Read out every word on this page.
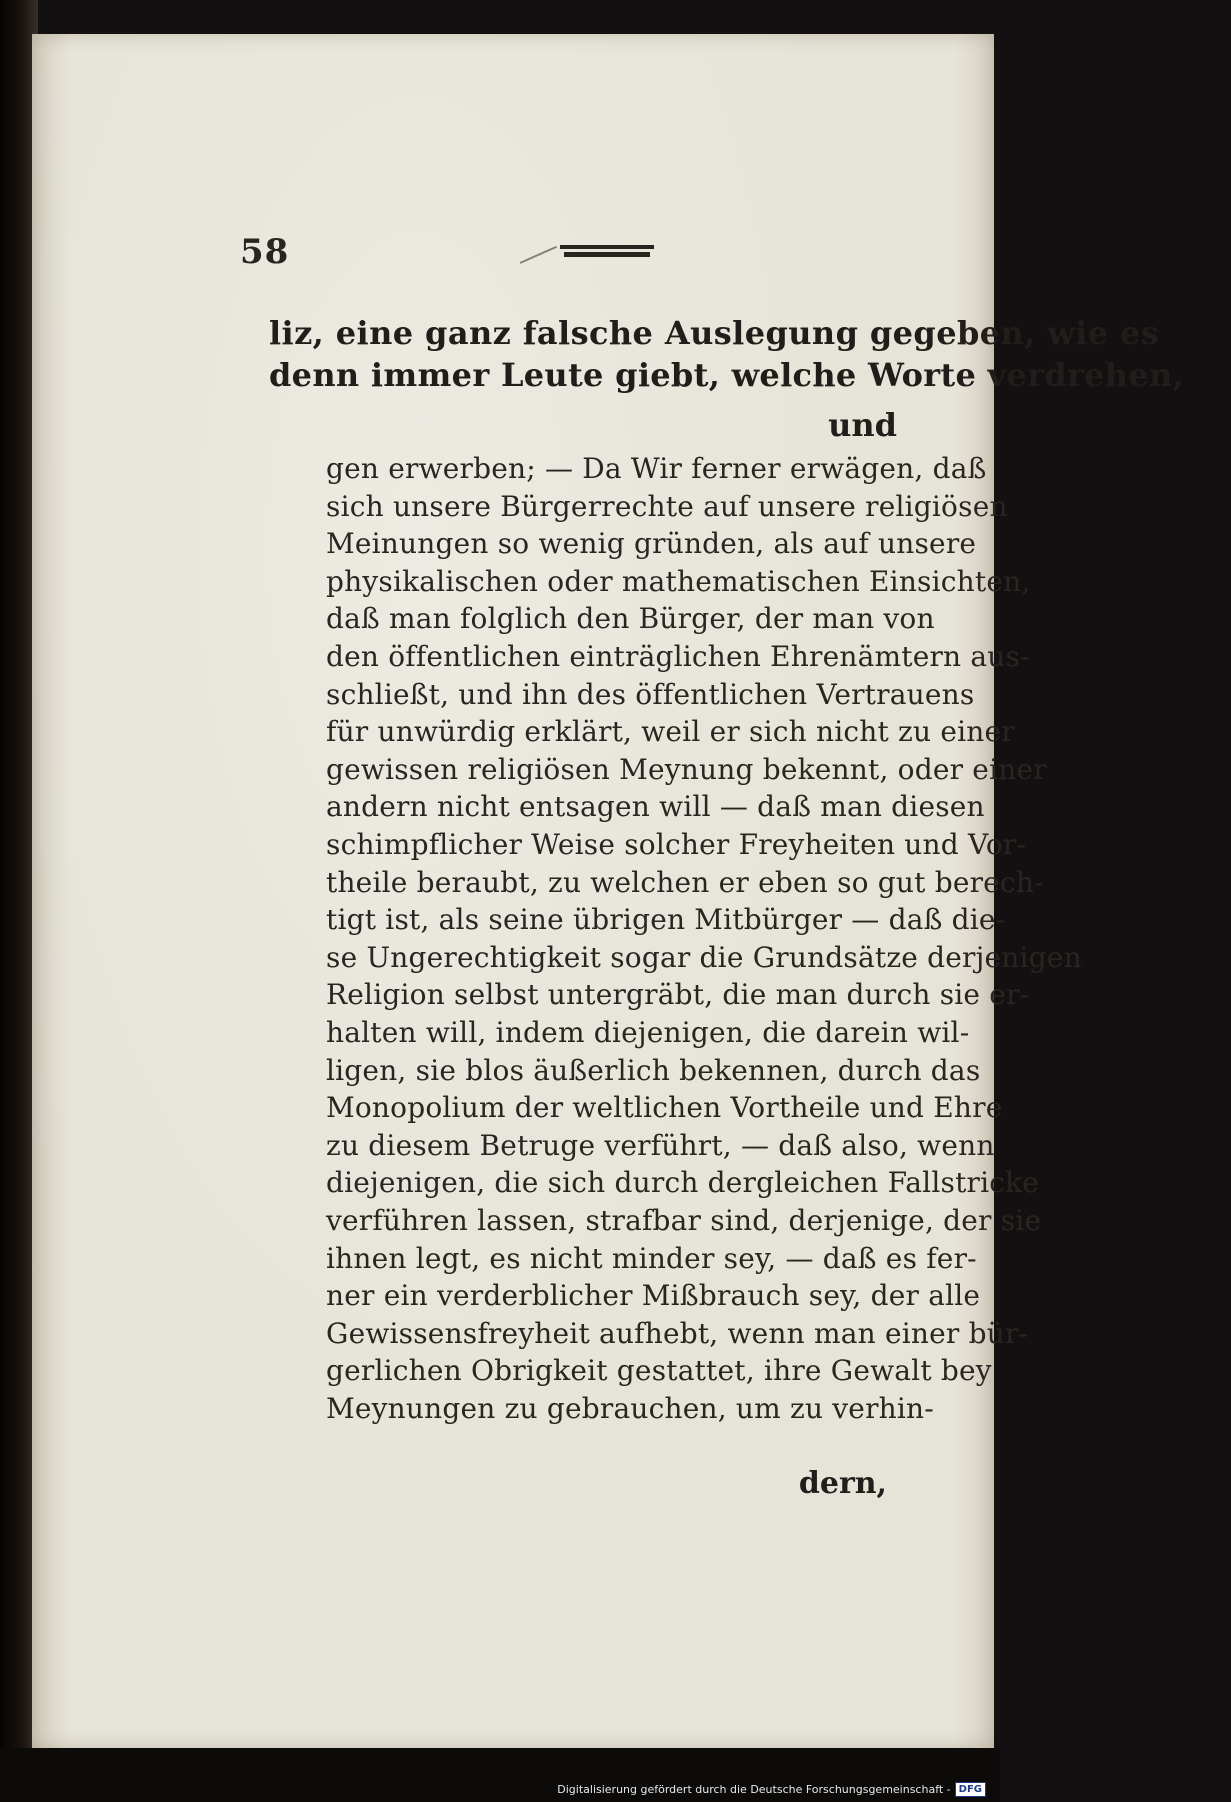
58
liz, eine ganz falsche Auslegung gegeben, wie es
denn immer Leute giebt, welche Worte verdrehen,
und
gen erwerben; — Da Wir ferner erwägen, daß
sich unsere Bürgerrechte auf unsere religiösen
Meinungen so wenig gründen, als auf unsere
physikalischen oder mathematischen Einsichten,
daß man folglich den Bürger, der man von
den öffentlichen einträglichen Ehrenämtern aus-
schließt, und ihn des öffentlichen Vertrauens
für unwürdig erklärt, weil er sich nicht zu einer
gewissen religiösen Meynung bekennt, oder einer
andern nicht entsagen will — daß man diesen
schimpflicher Weise solcher Freyheiten und Vor-
theile beraubt, zu welchen er eben so gut berech-
tigt ist, als seine übrigen Mitbürger — daß die-
se Ungerechtigkeit sogar die Grundsätze derjenigen
Religion selbst untergräbt, die man durch sie er-
halten will, indem diejenigen, die darein wil-
ligen, sie blos äußerlich bekennen, durch das
Monopolium der weltlichen Vortheile und Ehre
zu diesem Betruge verführt, — daß also, wenn
diejenigen, die sich durch dergleichen Fallstricke
verführen lassen, strafbar sind, derjenige, der sie
ihnen legt, es nicht minder sey, — daß es fer-
ner ein verderblicher Mißbrauch sey, der alle
Gewissensfreyheit aufhebt, wenn man einer bür-
gerlichen Obrigkeit gestattet, ihre Gewalt bey
Meynungen zu gebrauchen, um zu verhin-
dern,
Digitalisierung gefördert durch die Deutsche Forschungsgemeinschaft - DFG
